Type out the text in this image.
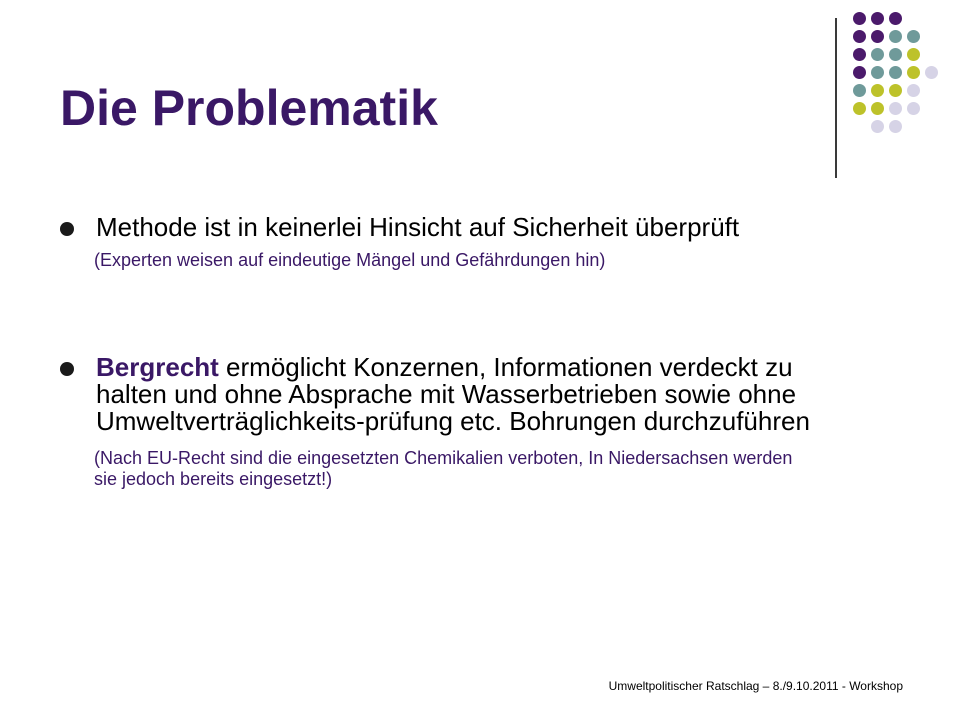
Die Problematik

Methode ist in keinerlei Hinsicht auf Sicherheit überprüft

(Experten weisen auf eindeutige Mängel und Gefährdungen hin)

Bergrecht ermöglicht Konzernen, Informationen verdeckt zu halten und ohne Absprache mit Wasserbetrieben sowie ohne Umweltverträglichkeits-prüfung etc. Bohrungen durchzuführen

(Nach EU-Recht sind die eingesetzten Chemikalien verboten, In Niedersachsen werden sie jedoch bereits eingesetzt!)

Umweltpolitischer Ratschlag – 8./9.10.2011 - Workshop
